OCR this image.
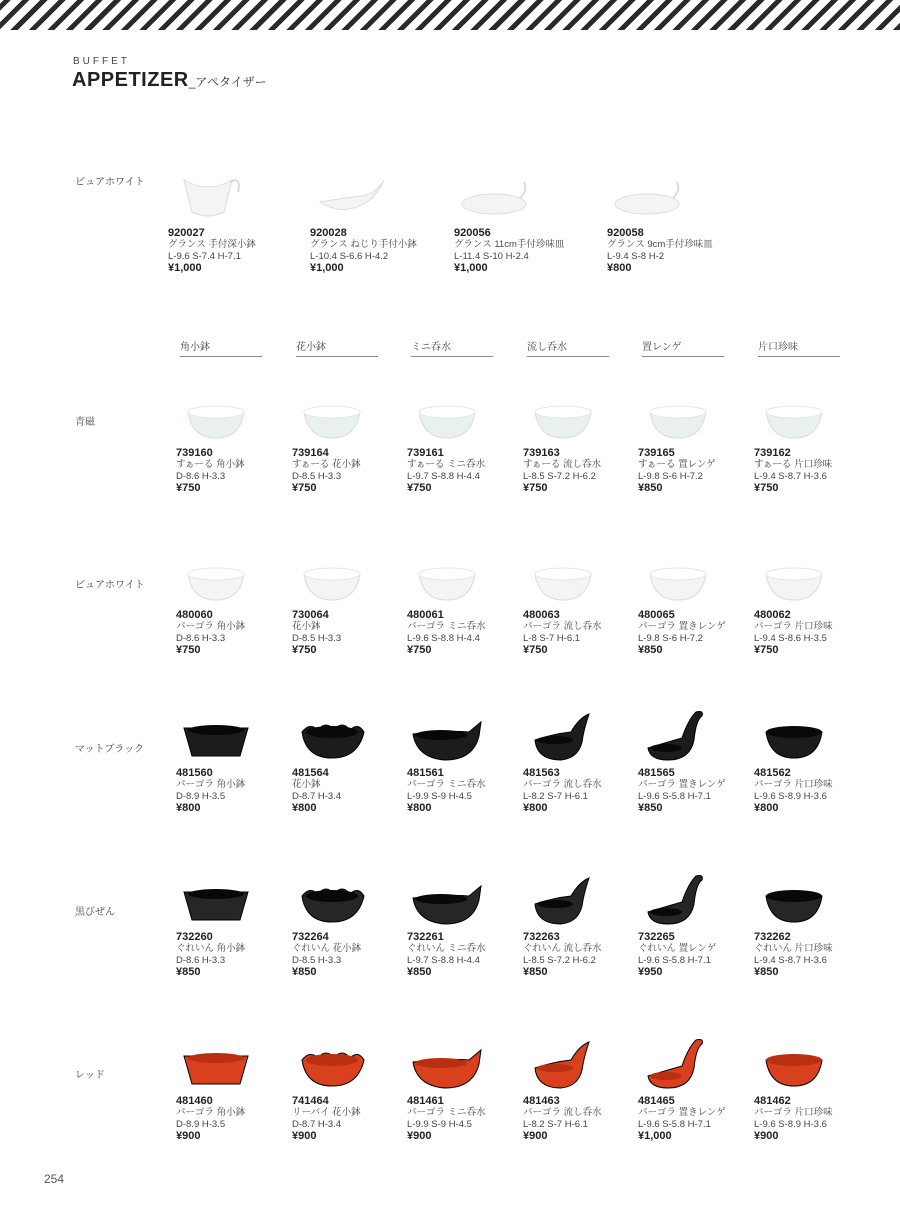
BUFFET
APPETIZER_アペタイザー
ピュアホワイト
920027
グランス 手付深小鉢
L-9.6 S-7.4 H-7.1
¥1,000
920028
グランス ねじり手付小鉢
L-10.4 S-6.6 H-4.2
¥1,000
920056
グランス 11cm手付珍味皿
L-11.4 S-10 H-2.4
¥1,000
920058
グランス 9cm手付珍味皿
L-9.4 S-8 H-2
¥800
角小鉢	花小鉢	ミニ呑水	流し呑水	置レンゲ	片口珍味
青磁
739160
すぁーる 角小鉢
D-8.6 H-3.3
¥750
739164
すぁーる 花小鉢
D-8.5 H-3.3
¥750
739161
すぁーる ミニ呑水
L-9.7 S-8.8 H-4.4
¥750
739163
すぁーる 流し呑水
L-8.5 S-7.2 H-6.2
¥750
739165
すぁーる 置レンゲ
L-9.8 S-6 H-7.2
¥850
739162
すぁーる 片口珍味
L-9.4 S-8.7 H-3.6
¥750
ピュアホワイト
480060
パーゴラ 角小鉢
D-8.6 H-3.3
¥750
730064
花小鉢
D-8.5 H-3.3
¥750
480061
パーゴラ ミニ呑水
L-9.6 S-8.8 H-4.4
¥750
480063
パーゴラ 流し呑水
L-8 S-7 H-6.1
¥750
480065
パーゴラ 置きレンゲ
L-9.8 S-6 H-7.2
¥850
480062
パーゴラ 片口珍味
L-9.4 S-8.6 H-3.5
¥750
マットブラック
481560
パーゴラ 角小鉢
D-8.9 H-3.5
¥800
481564
花小鉢
D-8.7 H-3.4
¥800
481561
パーゴラ ミニ呑水
L-9.9 S-9 H-4.5
¥800
481563
パーゴラ 流し呑水
L-8.2 S-7 H-6.1
¥800
481565
パーゴラ 置きレンゲ
L-9.6 S-5.8 H-7.1
¥850
481562
パーゴラ 片口珍味
L-9.6 S-8.9 H-3.6
¥800
黒びぜん
732260
ぐれいん 角小鉢
D-8.6 H-3.3
¥850
732264
ぐれいん 花小鉢
D-8.5 H-3.3
¥850
732261
ぐれいん ミニ呑水
L-9.7 S-8.8 H-4.4
¥850
732263
ぐれいん 流し呑水
L-8.5 S-7.2 H-6.2
¥850
732265
ぐれいん 置レンゲ
L-9.6 S-5.8 H-7.1
¥950
732262
ぐれいん 片口珍味
L-9.4 S-8.7 H-3.6
¥850
レッド
481460
パーゴラ 角小鉢
D-8.9 H-3.5
¥900
741464
リーバイ 花小鉢
D-8.7 H-3.4
¥900
481461
パーゴラ ミニ呑水
L-9.9 S-9 H-4.5
¥900
481463
パーゴラ 流し呑水
L-8.2 S-7 H-6.1
¥900
481465
パーゴラ 置きレンゲ
L-9.6 S-5.8 H-7.1
¥1,000
481462
パーゴラ 片口珍味
L-9.6 S-8.9 H-3.6
¥900
254
